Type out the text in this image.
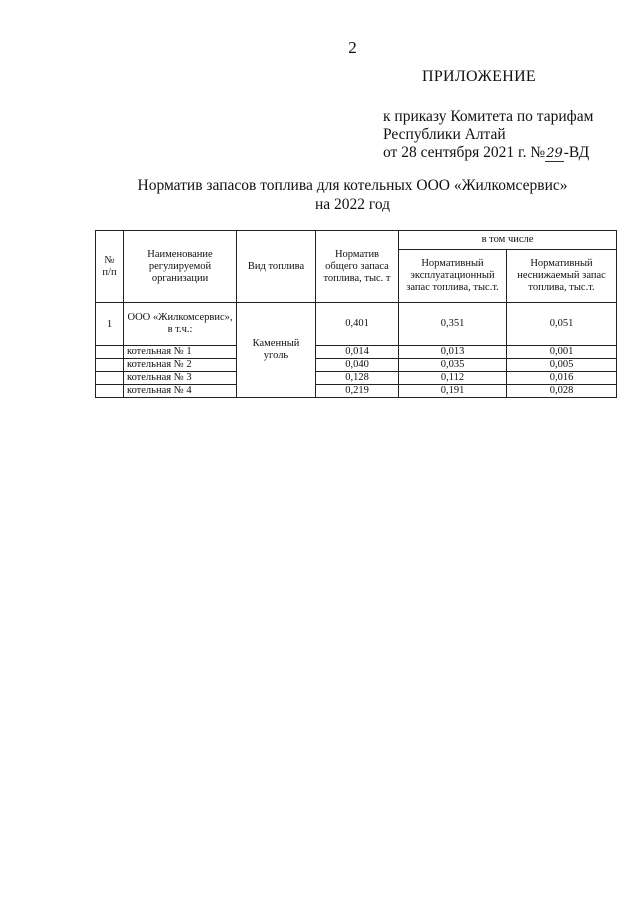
2
ПРИЛОЖЕНИЕ
к приказу Комитета по тарифам
Республики Алтай
от 28 сентября 2021 г. №29-ВД
Норматив запасов топлива для котельных ООО «Жилкомсервис»
на 2022 год
№ п/п	Наименование регулируемой организации	Вид топлива	Норматив общего запаса топлива, тыс. т	в том числе	
				Нормативный эксплуатационный запас топлива, тыс.т.	Нормативный неснижаемый запас топлива, тыс.т.
1	ООО «Жилкомсервис», в т.ч.:	Каменный уголь	0,401	0,351	0,051
	котельная № 1		0,014	0,013	0,001
	котельная № 2		0,040	0,035	0,005
	котельная № 3		0,128	0,112	0,016
	котельная № 4		0,219	0,191	0,028
